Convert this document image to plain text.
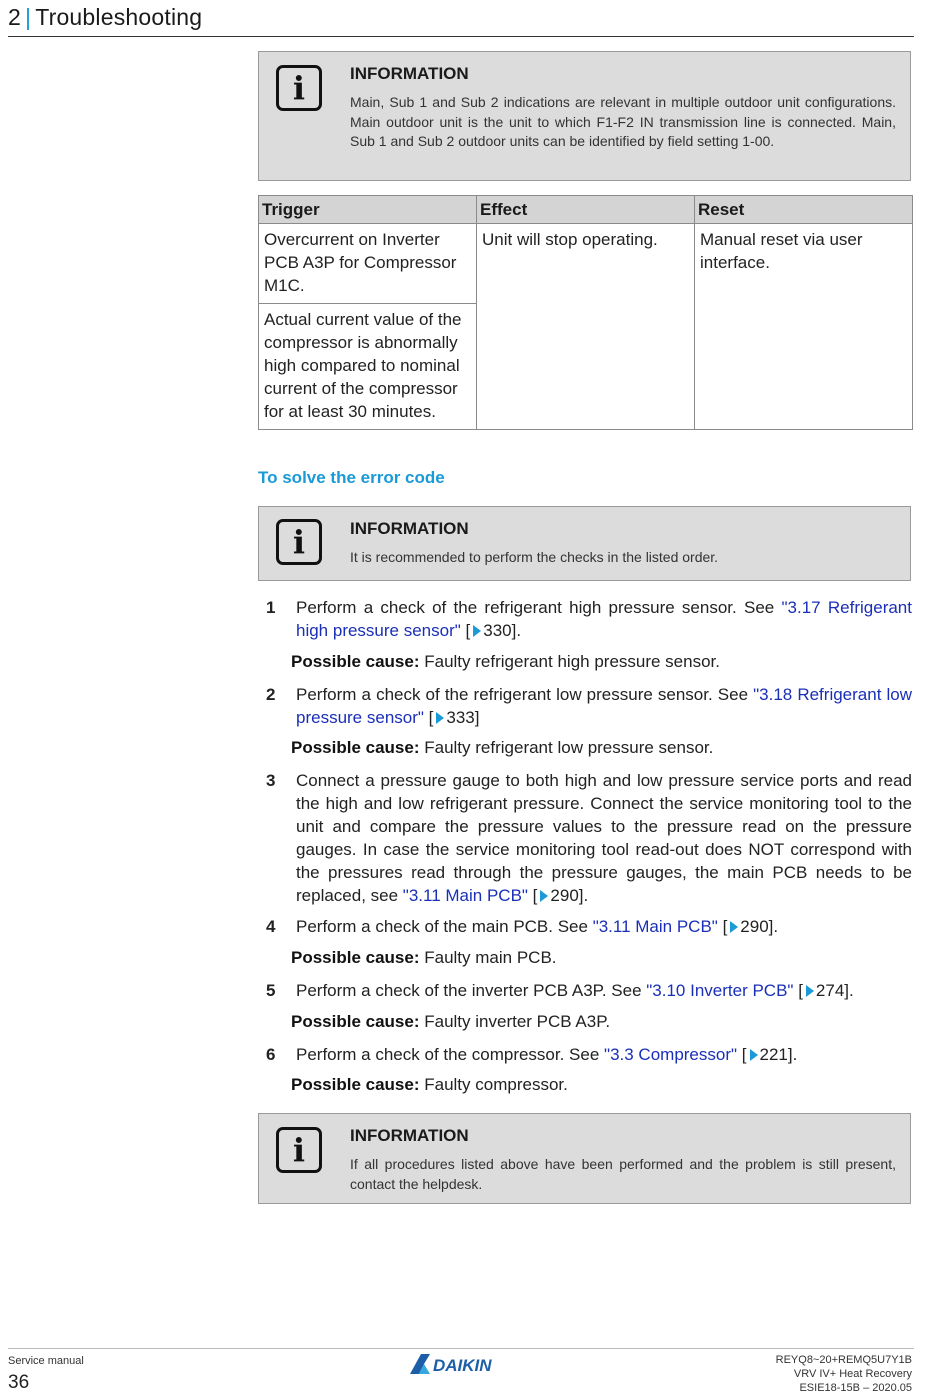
2 | Troubleshooting
i	INFORMATION
Main, Sub 1 and Sub 2 indications are relevant in multiple outdoor unit configurations. Main outdoor unit is the unit to which F1-F2 IN transmission line is connected. Main, Sub 1 and Sub 2 outdoor units can be identified by field setting 1-00.
Trigger	Effect	Reset
Overcurrent on Inverter PCB A3P for Compressor M1C.	Unit will stop operating.	Manual reset via user interface.
Actual current value of the compressor is abnormally high compared to nominal current of the compressor for at least 30 minutes.		
To solve the error code
i	INFORMATION
It is recommended to perform the checks in the listed order.
1 Perform a check of the refrigerant high pressure sensor. See "3.17 Refrigerant high pressure sensor" [ 330].
Possible cause: Faulty refrigerant high pressure sensor.
2 Perform a check of the refrigerant low pressure sensor. See "3.18 Refrigerant low pressure sensor" [ 333]
Possible cause: Faulty refrigerant low pressure sensor.
3 Connect a pressure gauge to both high and low pressure service ports and read the high and low refrigerant pressure. Connect the service monitoring tool to the unit and compare the pressure values to the pressure read on the pressure gauges. In case the service monitoring tool read-out does NOT correspond with the pressures read through the pressure gauges, the main PCB needs to be replaced, see "3.11 Main PCB" [ 290].
4 Perform a check of the main PCB. See "3.11 Main PCB" [ 290].
Possible cause: Faulty main PCB.
5 Perform a check of the inverter PCB A3P. See "3.10 Inverter PCB" [ 274].
Possible cause: Faulty inverter PCB A3P.
6 Perform a check of the compressor. See "3.3 Compressor" [ 221].
Possible cause: Faulty compressor.
i	INFORMATION
If all procedures listed above have been performed and the problem is still present, contact the helpdesk.
Service manual
36
DAIKIN	REYQ8~20+REMQ5U7Y1B
VRV IV+ Heat Recovery
ESIE18-15B – 2020.05
